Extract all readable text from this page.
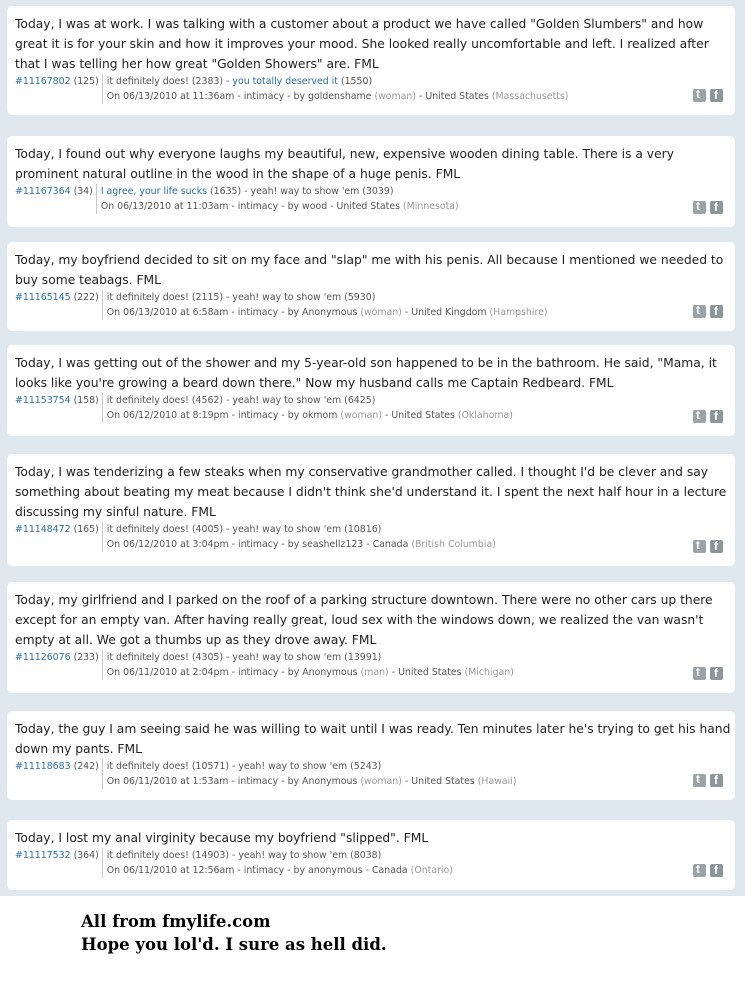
Today, I was at work. I was talking with a customer about a product we have called "Golden Slumbers" and how great it is for your skin and how it improves your mood. She looked really uncomfortable and left. I realized after that I was telling her how great "Golden Showers" are. FML

#11167802 (125) it definitely does! (2383) - you totally deserved it (1550)
On 06/13/2010 at 11:36am - intimacy - by goldenshame (woman) - United States (Massachusetts)
t
f

Today, I found out why everyone laughs my beautiful, new, expensive wooden dining table. There is a very prominent natural outline in the wood in the shape of a huge penis. FML

#11167364 (34) I agree, your life sucks (1635) - yeah! way to show 'em (3039)
On 06/13/2010 at 11:03am - intimacy - by wood - United States (Minnesota)
t
f

Today, my boyfriend decided to sit on my face and "slap" me with his penis. All because I mentioned we needed to buy some teabags. FML

#11165145 (222) it definitely does! (2115) - yeah! way to show 'em (5930)
On 06/13/2010 at 6:58am - intimacy - by Anonymous (woman) - United Kingdom (Hampshire)
t
f

Today, I was getting out of the shower and my 5-year-old son happened to be in the bathroom. He said, "Mama, it looks like you're growing a beard down there." Now my husband calls me Captain Redbeard. FML

#11153754 (158) it definitely does! (4562) - yeah! way to show 'em (6425)
On 06/12/2010 at 8:19pm - intimacy - by okmom (woman) - United States (Oklahoma)
t
f

Today, I was tenderizing a few steaks when my conservative grandmother called. I thought I'd be clever and say something about beating my meat because I didn't think she'd understand it. I spent the next half hour in a lecture discussing my sinful nature. FML

#11148472 (165) it definitely does! (4005) - yeah! way to show 'em (10816)
On 06/12/2010 at 3:04pm - intimacy - by seashellz123 - Canada (British Columbia)
t
f

Today, my girlfriend and I parked on the roof of a parking structure downtown. There were no other cars up there except for an empty van. After having really great, loud sex with the windows down, we realized the van wasn't empty at all. We got a thumbs up as they drove away. FML

#11126076 (233) it definitely does! (4305) - yeah! way to show 'em (13991)
On 06/11/2010 at 2:04pm - intimacy - by Anonymous (man) - United States (Michigan)
t
f

Today, the guy I am seeing said he was willing to wait until I was ready. Ten minutes later he's trying to get his hand down my pants. FML

#11118683 (242) it definitely does! (10571) - yeah! way to show 'em (5243)
On 06/11/2010 at 1:53am - intimacy - by Anonymous (woman) - United States (Hawaii)
t
f

Today, I lost my anal virginity because my boyfriend "slipped". FML

#11117532 (364) it definitely does! (14903) - yeah! way to show 'em (8038)
On 06/11/2010 at 12:56am - intimacy - by anonymous - Canada (Ontario)
t
f
All from fmylife.com
Hope you lol'd. I sure as hell did.
